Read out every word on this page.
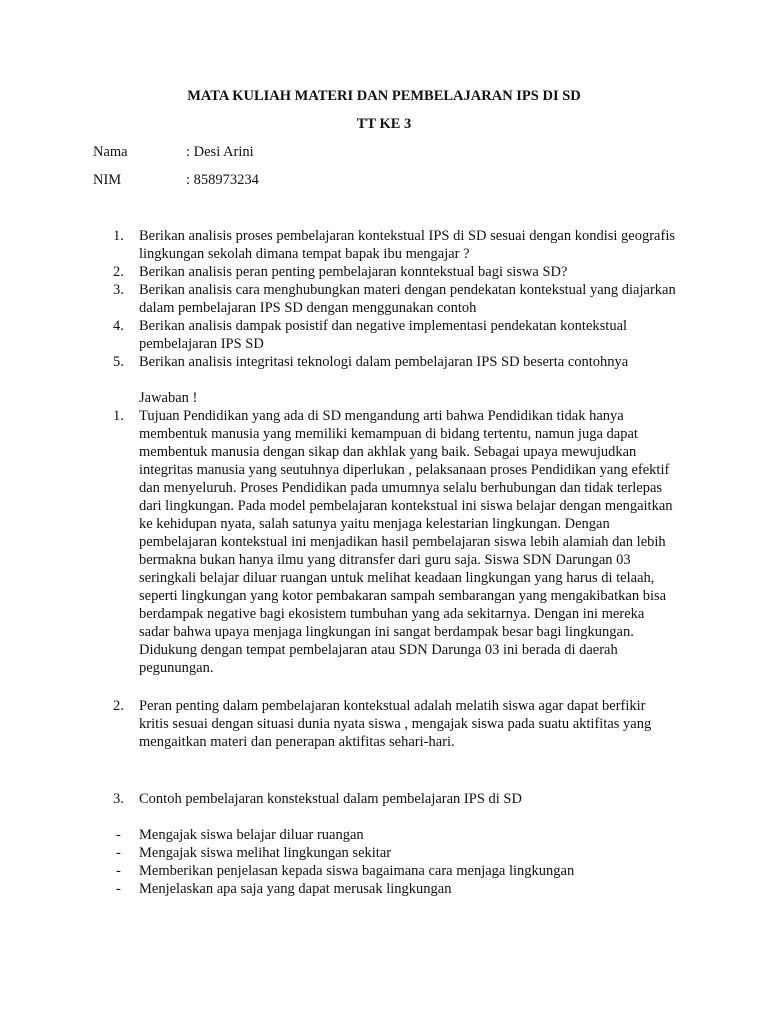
MATA KULIAH MATERI DAN PEMBELAJARAN IPS DI SD
TT KE 3
Nama	: Desi Arini
NIM	: 858973234
1. Berikan analisis proses pembelajaran kontekstual IPS di SD sesuai dengan kondisi geografis lingkungan sekolah dimana tempat bapak ibu mengajar ?
2. Berikan analisis peran penting pembelajaran konntekstual bagi siswa SD?
3. Berikan analisis cara menghubungkan materi dengan pendekatan kontekstual yang diajarkan dalam pembelajaran IPS SD dengan menggunakan contoh
4. Berikan analisis dampak posistif dan negative implementasi pendekatan kontekstual pembelajaran IPS SD
5. Berikan analisis integritasi teknologi dalam pembelajaran IPS SD beserta contohnya
Jawaban !
1. Tujuan Pendidikan yang ada di SD mengandung arti bahwa Pendidikan tidak hanya membentuk manusia yang memiliki kemampuan di bidang tertentu, namun juga dapat membentuk manusia dengan sikap dan akhlak yang baik. Sebagai upaya mewujudkan integritas manusia yang seutuhnya diperlukan , pelaksanaan proses Pendidikan yang efektif dan menyeluruh. Proses Pendidikan pada umumnya selalu berhubungan dan tidak terlepas dari lingkungan. Pada model pembelajaran kontekstual ini siswa belajar dengan mengaitkan ke kehidupan nyata, salah satunya yaitu menjaga kelestarian lingkungan. Dengan pembelajaran kontekstual ini menjadikan hasil pembelajaran siswa lebih alamiah dan lebih bermakna bukan hanya ilmu yang ditransfer dari guru saja. Siswa SDN Darungan 03 seringkali belajar diluar ruangan untuk melihat keadaan lingkungan yang harus di telaah, seperti lingkungan yang kotor pembakaran sampah sembarangan yang mengakibatkan bisa berdampak negative bagi ekosistem tumbuhan yang ada sekitarnya. Dengan ini mereka sadar bahwa upaya menjaga lingkungan ini sangat berdampak besar bagi lingkungan. Didukung dengan tempat pembelajaran atau SDN Darunga 03 ini berada di daerah pegunungan.
2. Peran penting dalam pembelajaran kontekstual adalah melatih siswa agar dapat berfikir kritis sesuai dengan situasi dunia nyata siswa , mengajak siswa pada suatu aktifitas yang mengaitkan materi dan penerapan aktifitas sehari-hari.
3. Contoh pembelajaran konstekstual dalam pembelajaran IPS di SD
- Mengajak siswa belajar diluar ruangan
- Mengajak siswa melihat lingkungan sekitar
- Memberikan penjelasan kepada siswa bagaimana cara menjaga lingkungan
- Menjelaskan apa saja yang dapat merusak lingkungan
